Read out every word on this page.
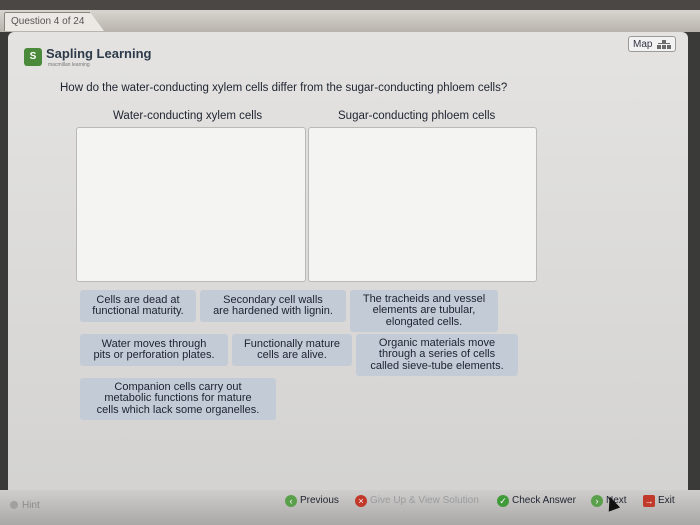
Question 4 of 24
S Sapling Learning
macmillan learning
Map
How do the water-conducting xylem cells differ from the sugar-conducting phloem cells?
Water-conducting xylem cells	Sugar-conducting phloem cells
Cells are dead at
functional maturity.
Secondary cell walls
are hardened with lignin.
The tracheids and vessel
elements are tubular,
elongated cells.
Water moves through
pits or perforation plates.
Functionally mature
cells are alive.
Organic materials move
through a series of cells
called sieve-tube elements.
Companion cells carry out
metabolic functions for mature
cells which lack some organelles.
Hint	‹ Previous	× Give Up & View Solution ✓ Check Answer	› Next → Exit
